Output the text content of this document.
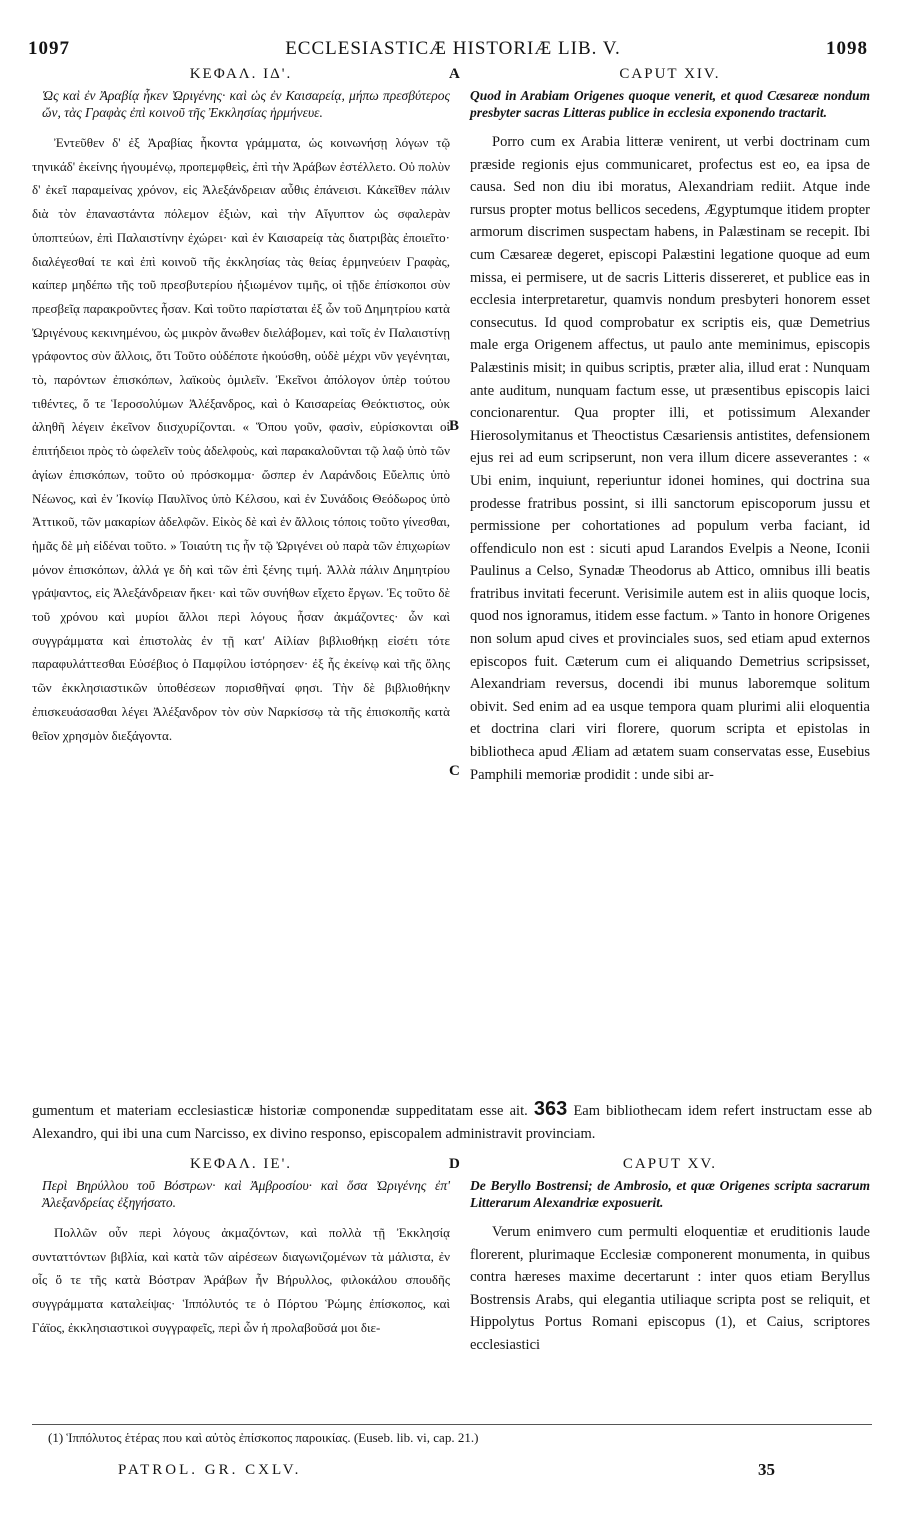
1097	ECCLESIASTICÆ HISTORIÆ LIB. V.	1098
A
B
C
D
ΚΕΦΑΛ. ΙΔ'.
Ὡς καὶ ἐν Ἀραβίᾳ ἧκεν Ὠριγένης· καὶ ὡς ἐν Καισαρείᾳ, μήπω πρεσβύτερος ὤν, τὰς Γραφὰς ἐπὶ κοινοῦ τῆς Ἐκκλησίας ἡρμήνευε.

Ἐντεῦθεν δ' ἐξ Ἀραβίας ἧκοντα γράμματα, ὡς κοινωνήσῃ λόγων τῷ τηνικάδ' ἐκείνης ἡγουμένῳ, προπεμφθεὶς, ἐπὶ τὴν Ἀράβων ἐστέλλετο. Οὐ πολὺν δ' ἐκεῖ παραμείνας χρόνον, εἰς Ἀλεξάνδρειαν αὖθις ἐπάνεισι. Κἀκεῖθεν πάλιν διὰ τὸν ἐπαναστάντα πόλεμον ἐξιὼν, καὶ τὴν Αἴγυπτον ὡς σφαλερὰν ὑποπτεύων, ἐπὶ Παλαιστίνην ἐχώρει· καὶ ἐν Καισαρείᾳ τὰς διατριβὰς ἐποιεῖτο· διαλέγεσθαί τε καὶ ἐπὶ κοινοῦ τῆς ἐκκλησίας τὰς θείας ἑρμηνεύειν Γραφὰς, καίπερ μηδέπω τῆς τοῦ πρεσβυτερίου ἠξιωμένον τιμῆς, οἱ τῇδε ἐπίσκοποι σὺν πρεσβεῖᾳ παρακροῦντες ἦσαν. Καὶ τοῦτο παρίσταται ἐξ ὧν τοῦ Δημητρίου κατὰ Ὠριγένους κεκινημένου, ὡς μικρὸν ἄνωθεν διελάβομεν, καὶ τοῖς ἐν Παλαιστίνῃ γράφοντος σὺν ἄλλοις, ὅτι Τοῦτο οὐδέποτε ἠκούσθη, οὐδὲ μέχρι νῦν γεγένηται, τὸ, παρόντων ἐπισκόπων, λαϊκοὺς ὁμιλεῖν. Ἐκεῖνοι ἀπόλογον ὑπὲρ τούτου τιθέντες, ὅ τε Ἱεροσολύμων Ἀλέξανδρος, καὶ ὁ Καισαρείας Θεόκτιστος, οὐκ ἀληθῆ λέγειν ἐκεῖνον διισχυρίζονται. « Ὅπου γοῦν, φασὶν, εὑρίσκονται οἱ ἐπιτήδειοι πρὸς τὸ ὠφελεῖν τοὺς ἀδελφοὺς, καὶ παρακαλοῦνται τῷ λαῷ ὑπὸ τῶν ἁγίων ἐπισκόπων, τοῦτο οὐ πρόσκομμα· ὥσπερ ἐν Λαράνδοις Εὔελπις ὑπὸ Νέωνος, καὶ ἐν Ἰκονίῳ Παυλῖνος ὑπὸ Κέλσου, καὶ ἐν Συνάδοις Θεόδωρος ὑπὸ Ἀττικοῦ, τῶν μακαρίων ἀδελφῶν. Εἰκὸς δὲ καὶ ἐν ἄλλοις τόποις τοῦτο γίνεσθαι, ἡμᾶς δὲ μὴ εἰδέναι τοῦτο. » Τοιαύτη τις ἦν τῷ Ὠριγένει οὐ παρὰ τῶν ἐπιχωρίων μόνον ἐπισκόπων, ἀλλά γε δὴ καὶ τῶν ἐπὶ ξένης τιμή. Ἀλλὰ πάλιν Δημητρίου γράψαντος, εἰς Ἀλεξάνδρειαν ἥκει· καὶ τῶν συνήθων εἴχετο ἔργων. Ἐς τοῦτο δὲ τοῦ χρόνου καὶ μυρίοι ἄλλοι περὶ λόγους ἦσαν ἀκμάζοντες· ὧν καὶ συγγράμματα καὶ ἐπιστολὰς ἐν τῇ κατ' Αἰλίαν βιβλιοθήκῃ εἰσέτι τότε παραφυλάττεσθαι Εὐσέβιος ὁ Παμφίλου ἱστόρησεν· ἐξ ἧς ἐκείνῳ καὶ τῆς ὅλης τῶν ἐκκλησιαστικῶν ὑποθέσεων πορισθῆναί φησι. Τὴν δὲ βιβλιοθήκην ἐπισκευάσασθαι λέγει Ἀλέξανδρον τὸν σὺν Ναρκίσσῳ τὰ τῆς ἐπισκοπῆς κατὰ θεῖον χρησμὸν διεξάγοντα.

CAPUT XIV.
Quod in Arabiam Origenes quoque venerit, et quod Cæsareæ nondum presbyter sacras Litteras publice in ecclesia exponendo tractarit.

Porro cum ex Arabia litteræ venirent, ut verbi doctrinam cum præside regionis ejus communicaret, profectus est eo, ea ipsa de causa. Sed non diu ibi moratus, Alexandriam rediit. Atque inde rursus propter motus bellicos secedens, Ægyptumque itidem propter armorum discrimen suspectam habens, in Palæstinam se recepit. Ibi cum Cæsareæ degeret, episcopi Palæstini legatione quoque ad eum missa, ei permisere, ut de sacris Litteris dissereret, et publice eas in ecclesia interpretaretur, quamvis nondum presbyteri honorem esset consecutus. Id quod comprobatur ex scriptis eis, quæ Demetrius male erga Origenem affectus, ut paulo ante meminimus, episcopis Palæstinis misit; in quibus scriptis, præter alia, illud erat : Nunquam ante auditum, nunquam factum esse, ut præsentibus episcopis laici concionarentur. Qua propter illi, et potissimum Alexander Hierosolymitanus et Theoctistus Cæsariensis antistites, defensionem ejus rei ad eum scripserunt, non vera illum dicere asseverantes : « Ubi enim, inquiunt, reperiuntur idonei homines, qui doctrina sua prodesse fratribus possint, si illi sanctorum episcoporum jussu et permissione per cohortationes ad populum verba faciant, id offendiculo non est : sicuti apud Larandos Evelpis a Neone, Iconii Paulinus a Celso, Synadæ Theodorus ab Attico, omnibus illi beatis fratribus invitati fecerunt. Verisimile autem est in aliis quoque locis, quod nos ignoramus, itidem esse factum. » Tanto in honore Origenes non solum apud cives et provinciales suos, sed etiam apud externos episcopos fuit. Cæterum cum ei aliquando Demetrius scripsisset, Alexandriam reversus, docendi ibi munus laboremque solitum obivit. Sed enim ad ea usque tempora quam plurimi alii eloquentia et doctrina clari viri florere, quorum scripta et epistolas in bibliotheca apud Æliam ad ætatem suam conservatas esse, Eusebius Pamphili memoriæ prodidit : unde sibi ar-

gumentum et materiam ecclesiasticæ historiæ componendæ suppeditatam esse ait. 363 Eam bibliothecam idem refert instructam esse ab Alexandro, qui ibi una cum Narcisso, ex divino responso, episcopalem administravit provinciam.
ΚΕΦΑΛ. ΙΕ'.
Περὶ Βηρύλλου τοῦ Βόστρων· καὶ Ἀμβροσίου· καὶ ὅσα Ὠριγένης ἐπ' Ἀλεξανδρείας ἐξηγήσατο.

Πολλῶν οὖν περὶ λόγους ἀκμαζόντων, καὶ πολλὰ τῇ Ἐκκλησίᾳ συνταττόντων βιβλία, καὶ κατὰ τῶν αἱρέσεων διαγωνιζομένων τὰ μάλιστα, ἐν οἷς ὅ τε τῆς κατὰ Βόστραν Ἀράβων ἦν Βήρυλλος, φιλοκάλου σπουδῆς συγγράμματα καταλείψας· Ἱππόλυτός τε ὁ Πόρτου Ῥώμης ἐπίσκοπος, καὶ Γάϊος, ἐκκλησιαστικοὶ συγγραφεῖς, περὶ ὧν ἡ προλαβοῦσά μοι διε-

CAPUT XV.
De Beryllo Bostrensi; de Ambrosio, et quæ Origenes scripta sacrarum Litterarum Alexandriæ exposuerit.

Verum enimvero cum permulti eloquentiæ et eruditionis laude florerent, plurimaque Ecclesiæ componerent monumenta, in quibus contra hæreses maxime decertarunt : inter quos etiam Beryllus Bostrensis Arabs, qui elegantia utiliaque scripta post se reliquit, et Hippolytus Portus Romani episcopus (1), et Caius, scriptores ecclesiastici

(1) Ἱππόλυτος ἑτέρας που καὶ αὐτὸς ἐπίσκοπος παροικίας. (Euseb. lib. vi, cap. 21.)
PATROL. GR. CXLV.	35
